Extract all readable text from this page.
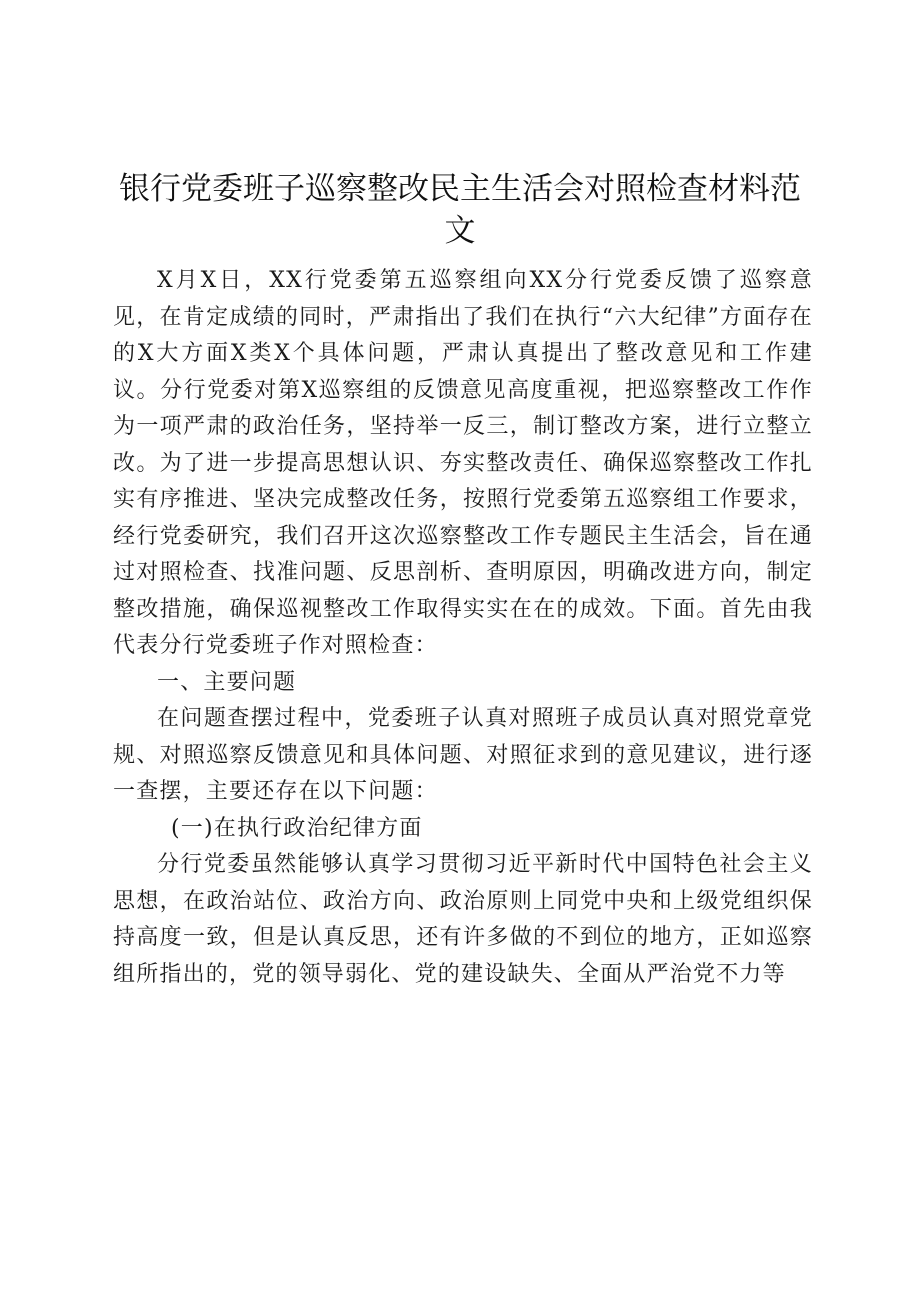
银行党委班子巡察整改民主生活会对照检查材料范文

X月X日，XX行党委第五巡察组向XX分行党委反馈了巡察意见，在肯定成绩的同时，严肃指出了我们在执行“六大纪律”方面存在的X大方面X类X个具体问题，严肃认真提出了整改意见和工作建议。分行党委对第X巡察组的反馈意见高度重视，把巡察整改工作作为一项严肃的政治任务，坚持举一反三，制订整改方案，进行立整立改。为了进一步提高思想认识、夯实整改责任、确保巡察整改工作扎实有序推进、坚决完成整改任务，按照行党委第五巡察组工作要求，经行党委研究，我们召开这次巡察整改工作专题民主生活会，旨在通过对照检查、找准问题、反思剖析、查明原因，明确改进方向，制定整改措施，确保巡视整改工作取得实实在在的成效。下面。首先由我代表分行党委班子作对照检查：

一、主要问题

在问题查摆过程中，党委班子认真对照班子成员认真对照党章党规、对照巡察反馈意见和具体问题、对照征求到的意见建议，进行逐一查摆，主要还存在以下问题：

(一)在执行政治纪律方面

分行党委虽然能够认真学习贯彻习近平新时代中国特色社会主义思想，在政治站位、政治方向、政治原则上同党中央和上级党组织保持高度一致，但是认真反思，还有许多做的不到位的地方，正如巡察组所指出的，党的领导弱化、党的建设缺失、全面从严治党不力等
